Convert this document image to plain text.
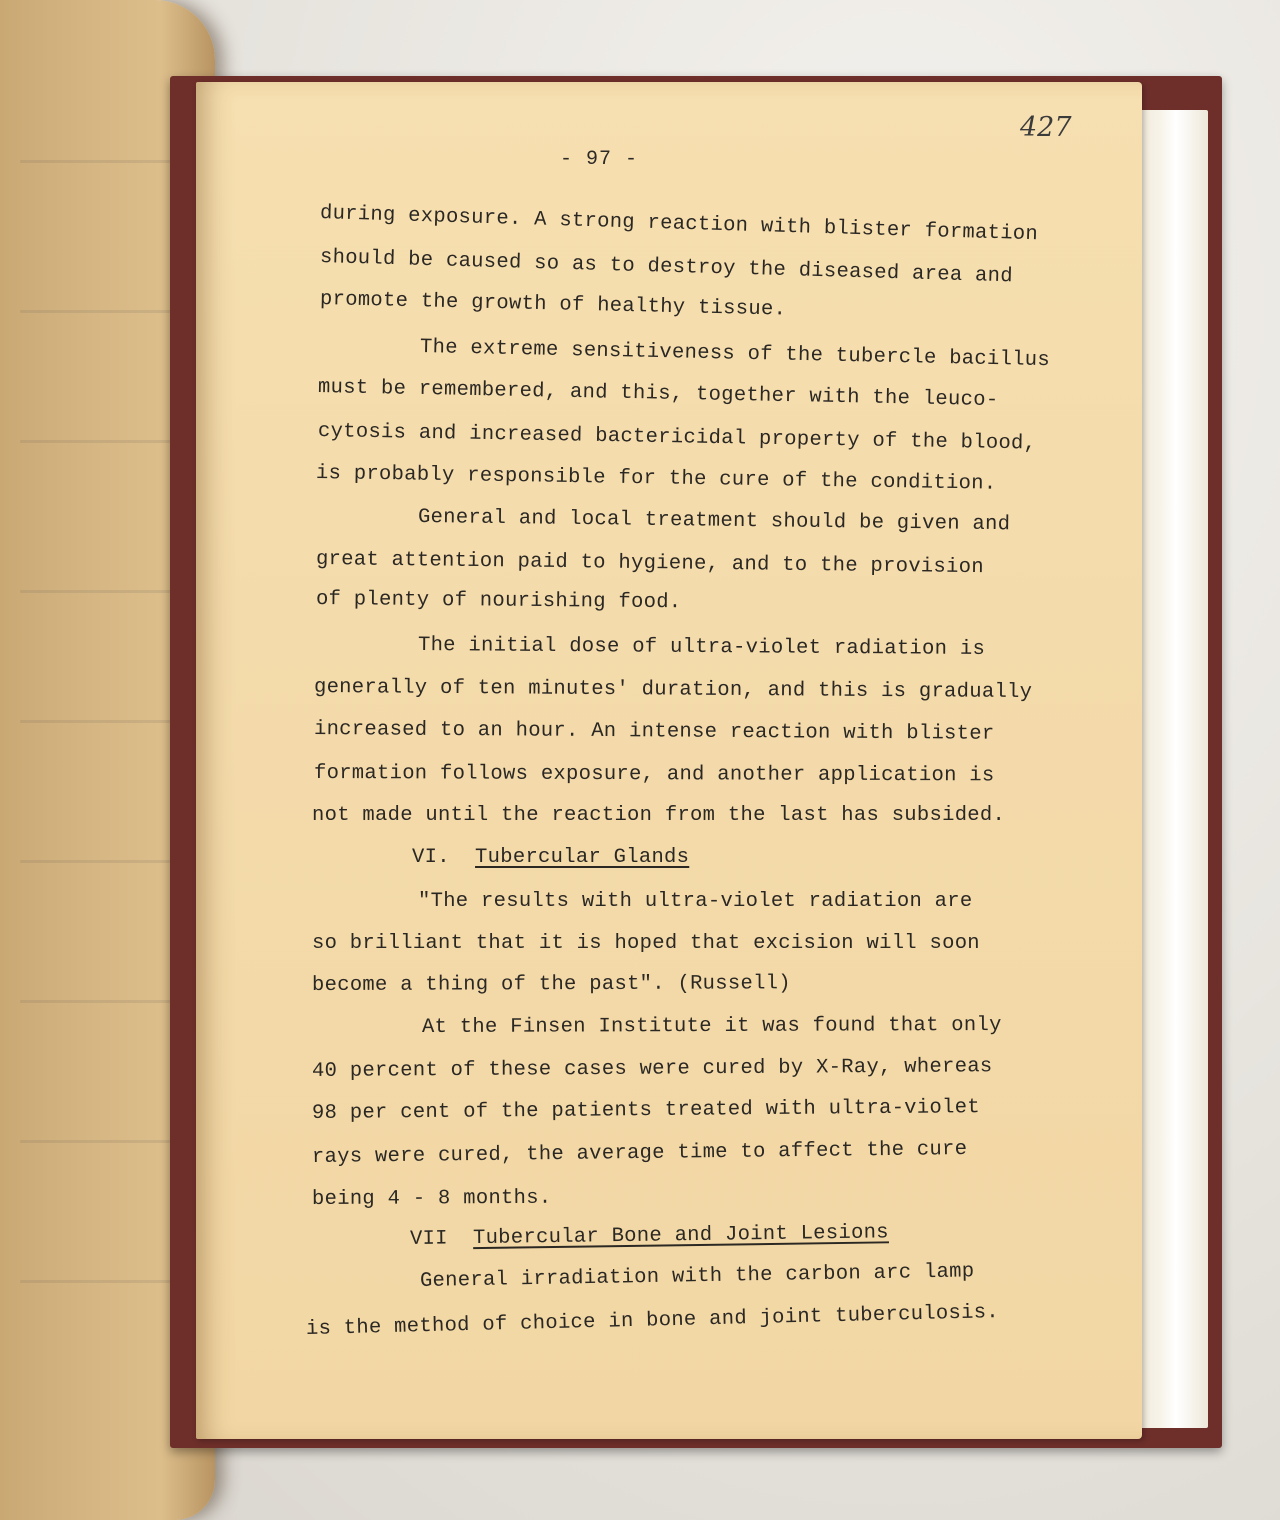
427
- 97 -
during exposure. A strong reaction with blister formation
should be caused so as to destroy the diseased area and
promote the growth of healthy tissue.
The extreme sensitiveness of the tubercle bacillus
must be remembered, and this, together with the leuco-
cytosis and increased bactericidal property of the blood,
is probably responsible for the cure of the condition.
General and local treatment should be given and
great attention paid to hygiene, and to the provision
of plenty of nourishing food.
The initial dose of ultra-violet radiation is
generally of ten minutes' duration, and this is gradually
increased to an hour. An intense reaction with blister
formation follows exposure, and another application is
not made until the reaction from the last has subsided.
VI. Tubercular Glands
"The results with ultra-violet radiation are
so brilliant that it is hoped that excision will soon
become a thing of the past". (Russell)
At the Finsen Institute it was found that only
40 percent of these cases were cured by X-Ray, whereas
98 per cent of the patients treated with ultra-violet
rays were cured, the average time to affect the cure
being 4 - 8 months.
VII Tubercular Bone and Joint Lesions
General irradiation with the carbon arc lamp
is the method of choice in bone and joint tuberculosis.
